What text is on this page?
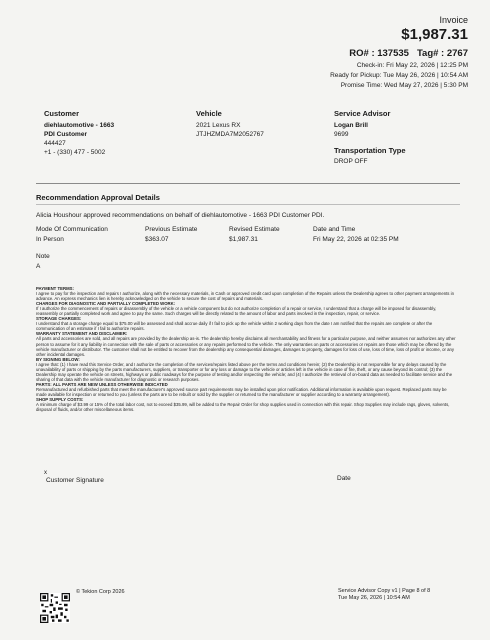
Invoice
$1,987.31
RO# : 137535 Tag# : 2767
Check-in: Fri May 22, 2026 | 12:25 PM
Ready for Pickup: Tue May 26, 2026 | 10:54 AM
Promise Time: Wed May 27, 2026 | 5:30 PM
Customer
diehlautomotive - 1663
PDI Customer
444427
+1 - (330) 477 - 5002
Vehicle
2021 Lexus RX
JTJHZMDA7M2052767
Service Advisor
Logan Brill
9699
Transportation Type
DROP OFF
Recommendation Approval Details
Alicia Houshour approved recommendations on behalf of diehlautomotive - 1663 PDI Customer PDI.
Mode Of Communication
In Person
Previous Estimate
$363.07
Revised Estimate
$1,987.31
Date and Time
Fri May 22, 2026 at 02:35 PM
Note
A
PAYMENT TERMS:
I agree to pay for the inspection and repairs I authorize, along with the necessary materials, in Cash or approved credit card upon completion of the Repairs unless the Dealership agrees to other payment arrangements in advance. An express mechanics lien is hereby acknowledged on the vehicle to secure the cost of repairs and materials.
CHARGES FOR DIAGNOSTIC AND PARTIALLY COMPLETED WORK:
If I authorize the commencement of repairs or disassembly of the vehicle or a vehicle component but do not authorize completion of a repair or service, I understand that a charge will be imposed for disassembly, reassembly or partially completed work and agree to pay the same. Such charges will be directly related to the amount of labor and parts involved in the inspection, repair, or service.
STORAGE CHARGES:
I understand that a storage charge equal to $75.00 will be assessed and shall accrue daily if I fail to pick up the vehicle within 2 working days from the date I am notified that the repairs are complete or after the communication of an estimate if I fail to authorize repairs.
WARRANTY STATEMENT AND DISCLAIMER:
All parts and accessories are sold, and all repairs are provided by the dealership as-is. The dealership hereby disclaims all merchantability and fitness for a particular purpose, and neither assumes nor authorizes any other person to assume for it any liability in connection with the sale of parts or accessories or any repairs performed to the vehicle. The only warranties on parts or accessories or repairs are those which may be offered by the vehicle manufacturer or distributor. The customer shall not be entitled to recover from the dealership any consequential damages, damages to property, damages for loss of use, loss of time, loss of profit or income, or any other incidental damages.
BY SIGNING BELOW:
I agree that: (1) I have read this Service Order, and I authorize the completion of the services/repairs listed above per the terms and conditions herein; (2) the Dealership is not responsible for any delays caused by the unavailability of parts or shipping by the parts manufacturers, suppliers, or transporter or for any loss or damage to the vehicle or articles left in the vehicle in case of fire, theft, or any cause beyond its control; (3) the Dealership may operate the vehicle on streets, highways or public roadways for the purpose of testing and/or inspecting the vehicle; and (4) I authorize the retrieval of on-board data as needed to facilitate service and the sharing of that data with the vehicle manufacturer for diagnostic or research purposes.
PARTS: ALL PARTS ARE NEW UNLESS OTHERWISE INDICATED
Remanufactured and refurbished parts that meet the manufacturer's approved source part requirements may be installed upon prior notification. Additional information is available upon request. Replaced parts may be made available for inspection or returned to you (unless the parts are to be rebuilt or sold by the supplier or returned to the manufacturer or supplier according to a warranty arrangement).
SHOP SUPPLY COSTS:
A minimum charge of $3.99 or 15% of the total labor cost, not to exceed $35.99, will be added to the Repair Order for shop supplies used in connection with this repair. Shop Supplies may include rags, gloves, solvents, disposal of fluids, and/or other miscellaneous items.
x
Customer Signature	Date
© Tekion Corp 2026	Service Advisor Copy v1 | Page 8 of 8
Tue May 26, 2026 | 10:54 AM
